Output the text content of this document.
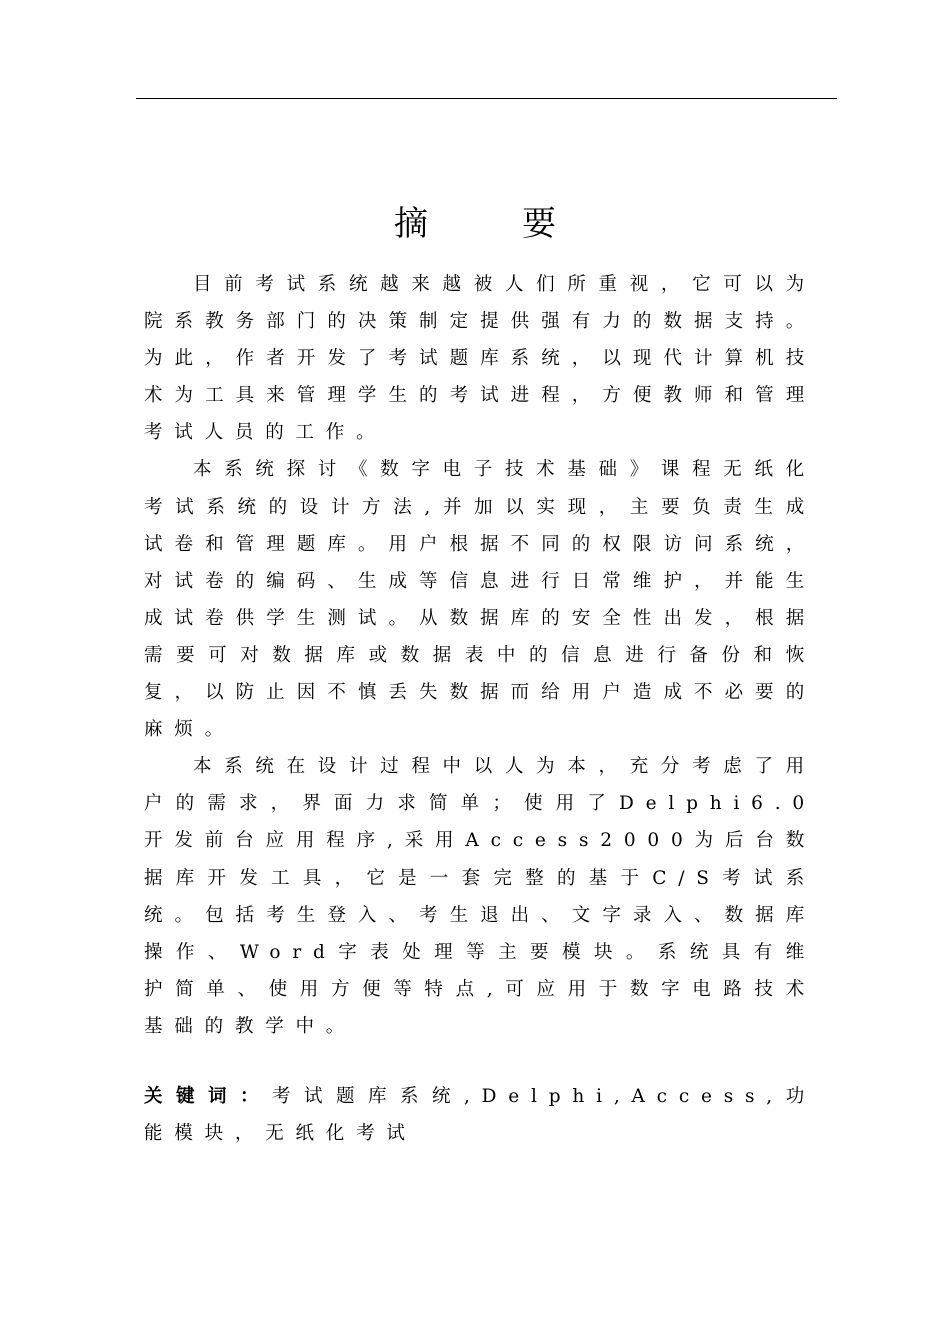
摘要

目前考试系统越来越被人们所重视，它可以为院系教务部门的决策制定提供强有力的数据支持。为此，作者开发了考试题库系统，以现代计算机技术为工具来管理学生的考试进程，方便教师和管理考试人员的工作。

本系统探讨《数字电子技术基础》课程无纸化考试系统的设计方法,并加以实现，主要负责生成试卷和管理题库。用户根据不同的权限访问系统，对试卷的编码、生成等信息进行日常维护，并能生成试卷供学生测试。从数据库的安全性出发，根据需要可对数据库或数据表中的信息进行备份和恢复，以防止因不慎丢失数据而给用户造成不必要的麻烦。

本系统在设计过程中以人为本，充分考虑了用户的需求，界面力求简单；使用了Delphi6.0开发前台应用程序,采用Access2000为后台数据库开发工具，它是一套完整的基于C/S考试系统。包括考生登入、考生退出、文字录入、数据库操作、Word字表处理等主要模块。系统具有维护简单、使用方便等特点,可应用于数字电路技术基础的教学中。

关键词：考试题库系统,Delphi,Access,功能模块，无纸化考试
